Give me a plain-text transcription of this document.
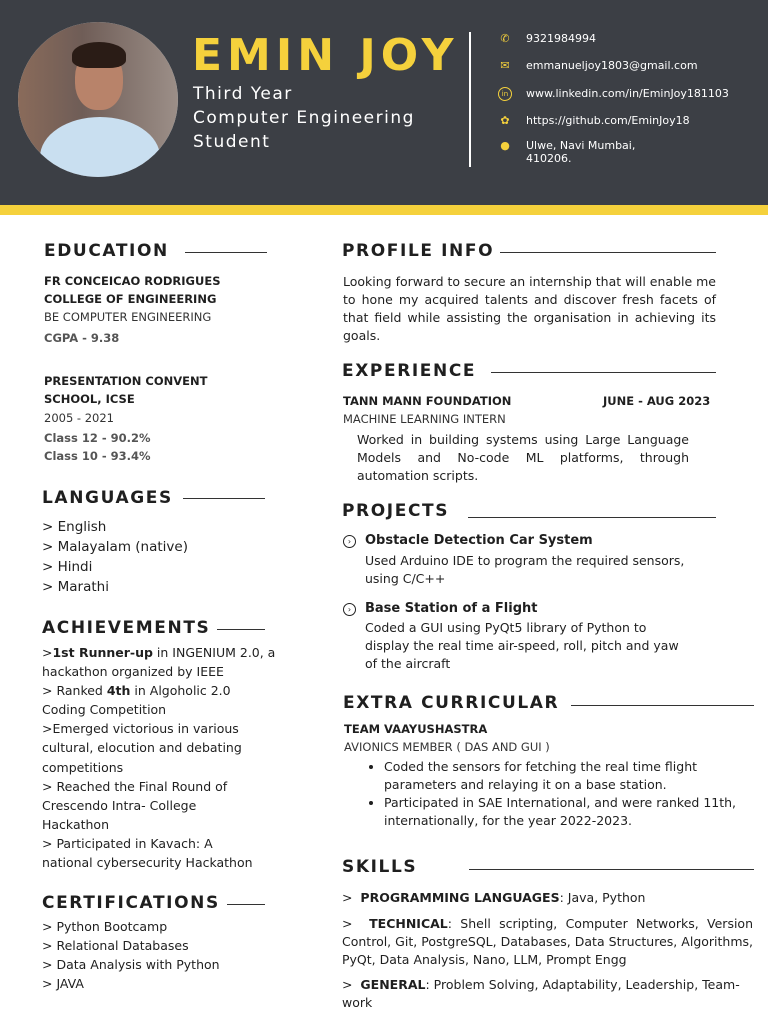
EMIN JOY
Third Year
Computer Engineering
Student
✆ 9321984994
✉ emmanueljoy1803@gmail.com
in	www.linkedin.com/in/EminJoy181103
✿ https://github.com/EminJoy18
● Ulwe, Navi Mumbai,
410206.
EDUCATION
FR CONCEICAO RODRIGUES
COLLEGE OF ENGINEERING
BE COMPUTER ENGINEERING
CGPA - 9.38
PRESENTATION CONVENT
SCHOOL, ICSE
2005 - 2021
Class 12 - 90.2%
Class 10 - 93.4%
LANGUAGES
> English
> Malayalam (native)
> Hindi
> Marathi
ACHIEVEMENTS
>1st Runner-up in INGENIUM 2.0, a
hackathon organized by IEEE
> Ranked 4th in Algoholic 2.0
Coding Competition
>Emerged victorious in various
cultural, elocution and debating
competitions
> Reached the Final Round of
Crescendo Intra- College
Hackathon
> Participated in Kavach: A
national cybersecurity Hackathon
CERTIFICATIONS
> Python Bootcamp
> Relational Databases
> Data Analysis with Python
> JAVA
PROFILE INFO
Looking forward to secure an internship that will enable me to hone my acquired talents and discover fresh facets of that field while assisting the organisation in achieving its goals.
EXPERIENCE
TANN MANN FOUNDATION	JUNE - AUG 2023
MACHINE LEARNING INTERN
Worked in building systems using Large Language Models and No-code ML platforms, through automation scripts.
PROJECTS
›	Obstacle Detection Car System
Used Arduino IDE to program the required sensors,
using C/C++
›	Base Station of a Flight
Coded a GUI using PyQt5 library of Python to
display the real time air-speed, roll, pitch and yaw
of the aircraft
EXTRA CURRICULAR
TEAM VAAYUSHASTRA
AVIONICS MEMBER ( DAS AND GUI )
• Coded the sensors for fetching the real time flight parameters and relaying it on a base station.
• Participated in SAE International, and were ranked 11th, internationally, for the year 2022-2023.
SKILLS
>  PROGRAMMING LANGUAGES: Java, Python
>  TECHNICAL: Shell scripting, Computer Networks, Version Control, Git, PostgreSQL, Databases, Data Structures, Algorithms, PyQt, Data Analysis, Nano, LLM, Prompt Engg
>  GENERAL: Problem Solving, Adaptability, Leadership, Team-work
